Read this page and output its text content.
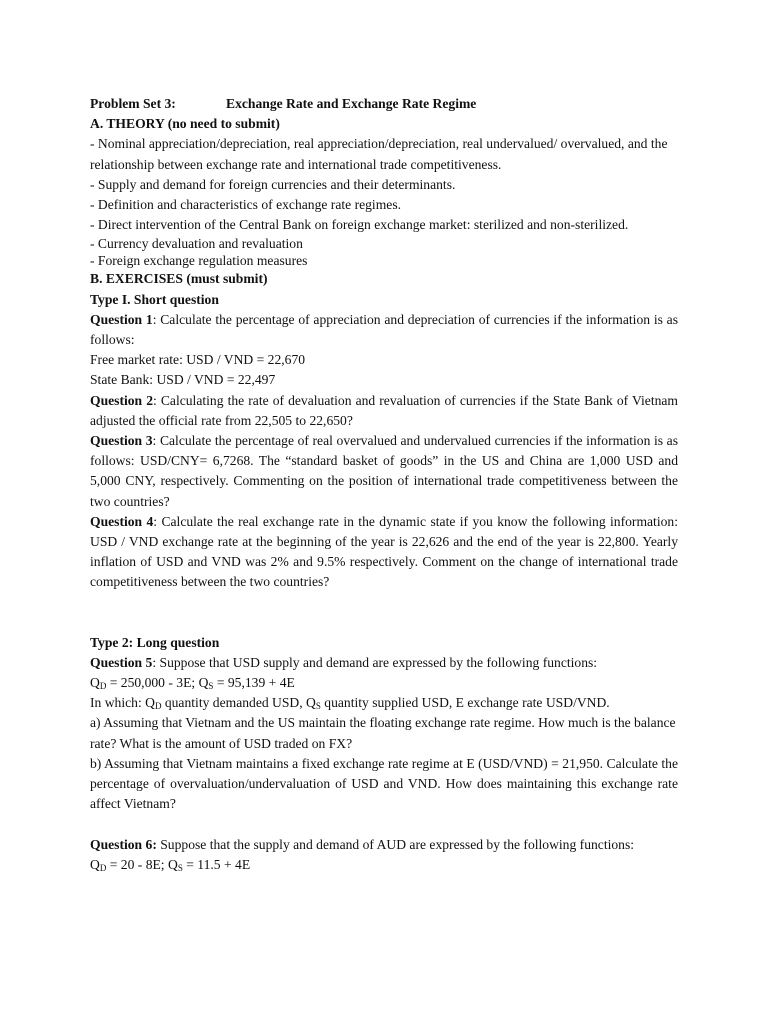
Problem Set 3:	Exchange Rate and Exchange Rate Regime

A. THEORY (no need to submit)

- Nominal appreciation/depreciation, real appreciation/depreciation, real undervalued/ overvalued, and the relationship between exchange rate and international trade competitiveness.

- Supply and demand for foreign currencies and their determinants.

- Definition and characteristics of exchange rate regimes.

- Direct intervention of the Central Bank on foreign exchange market: sterilized and non-sterilized.

- Currency devaluation and revaluation

- Foreign exchange regulation measures

B. EXERCISES (must submit)

Type I. Short question

Question 1: Calculate the percentage of appreciation and depreciation of currencies if the information is as follows:

Free market rate: USD / VND = 22,670

State Bank: USD / VND = 22,497

Question 2: Calculating the rate of devaluation and revaluation of currencies if the State Bank of Vietnam adjusted the official rate from 22,505 to 22,650?

Question 3: Calculate the percentage of real overvalued and undervalued currencies if the information is as follows: USD/CNY= 6,7268. The “standard basket of goods” in the US and China are 1,000 USD and 5,000 CNY, respectively. Commenting on the position of international trade competitiveness between the two countries?

Question 4: Calculate the real exchange rate in the dynamic state if you know the following information: USD / VND exchange rate at the beginning of the year is 22,626 and the end of the year is 22,800. Yearly inflation of USD and VND was 2% and 9.5% respectively. Comment on the change of international trade competitiveness between the two countries?

Type 2: Long question

Question 5: Suppose that USD supply and demand are expressed by the following functions:

$Q_D = 250,000 - 3E$; $Q_S = 95,139 + 4E$

In which: $Q_D$ quantity demanded USD, $Q_S$ quantity supplied USD, E exchange rate USD/VND.

a) Assuming that Vietnam and the US maintain the floating exchange rate regime. How much is the balance rate? What is the amount of USD traded on FX?

b) Assuming that Vietnam maintains a fixed exchange rate regime at E (USD/VND) = 21,950. Calculate the percentage of overvaluation/undervaluation of USD and VND. How does maintaining this exchange rate affect Vietnam?

Question 6: Suppose that the supply and demand of AUD are expressed by the following functions:

$Q_D = 20 - 8E$; $Q_S = 11.5 + 4E$
